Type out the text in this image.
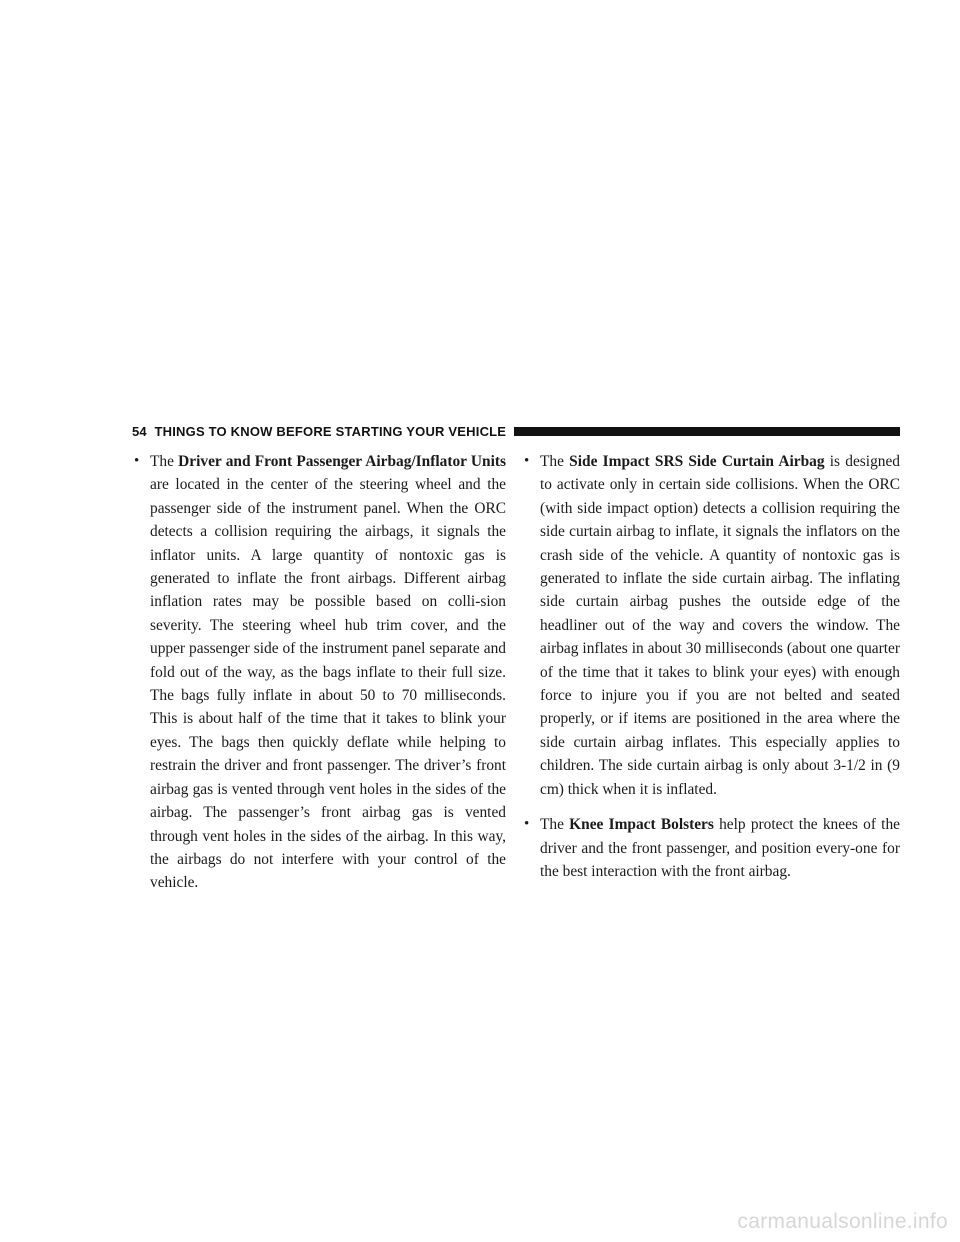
54 THINGS TO KNOW BEFORE STARTING YOUR VEHICLE
• The Driver and Front Passenger Airbag/Inflator Units are located in the center of the steering wheel and the passenger side of the instrument panel. When the ORC detects a collision requiring the airbags, it signals the inflator units. A large quantity of nontoxic gas is generated to inflate the front airbags. Different airbag inflation rates may be possible based on colli-sion severity. The steering wheel hub trim cover, and the upper passenger side of the instrument panel separate and fold out of the way, as the bags inflate to their full size. The bags fully inflate in about 50 to 70 milliseconds. This is about half of the time that it takes to blink your eyes. The bags then quickly deflate while helping to restrain the driver and front passenger. The driver’s front airbag gas is vented through vent holes in the sides of the airbag. The passenger’s front airbag gas is vented through vent holes in the sides of the airbag. In this way, the airbags do not interfere with your control of the vehicle.
• The Side Impact SRS Side Curtain Airbag is designed to activate only in certain side collisions. When the ORC (with side impact option) detects a collision requiring the side curtain airbag to inflate, it signals the inflators on the crash side of the vehicle. A quantity of nontoxic gas is generated to inflate the side curtain airbag. The inflating side curtain airbag pushes the outside edge of the headliner out of the way and covers the window. The airbag inflates in about 30 milliseconds (about one quarter of the time that it takes to blink your eyes) with enough force to injure you if you are not belted and seated properly, or if items are positioned in the area where the side curtain airbag inflates. This especially applies to children. The side curtain airbag is only about 3-1/2 in (9 cm) thick when it is inflated.
• The Knee Impact Bolsters help protect the knees of the driver and the front passenger, and position every-one for the best interaction with the front airbag.
carmanualsonline.info
